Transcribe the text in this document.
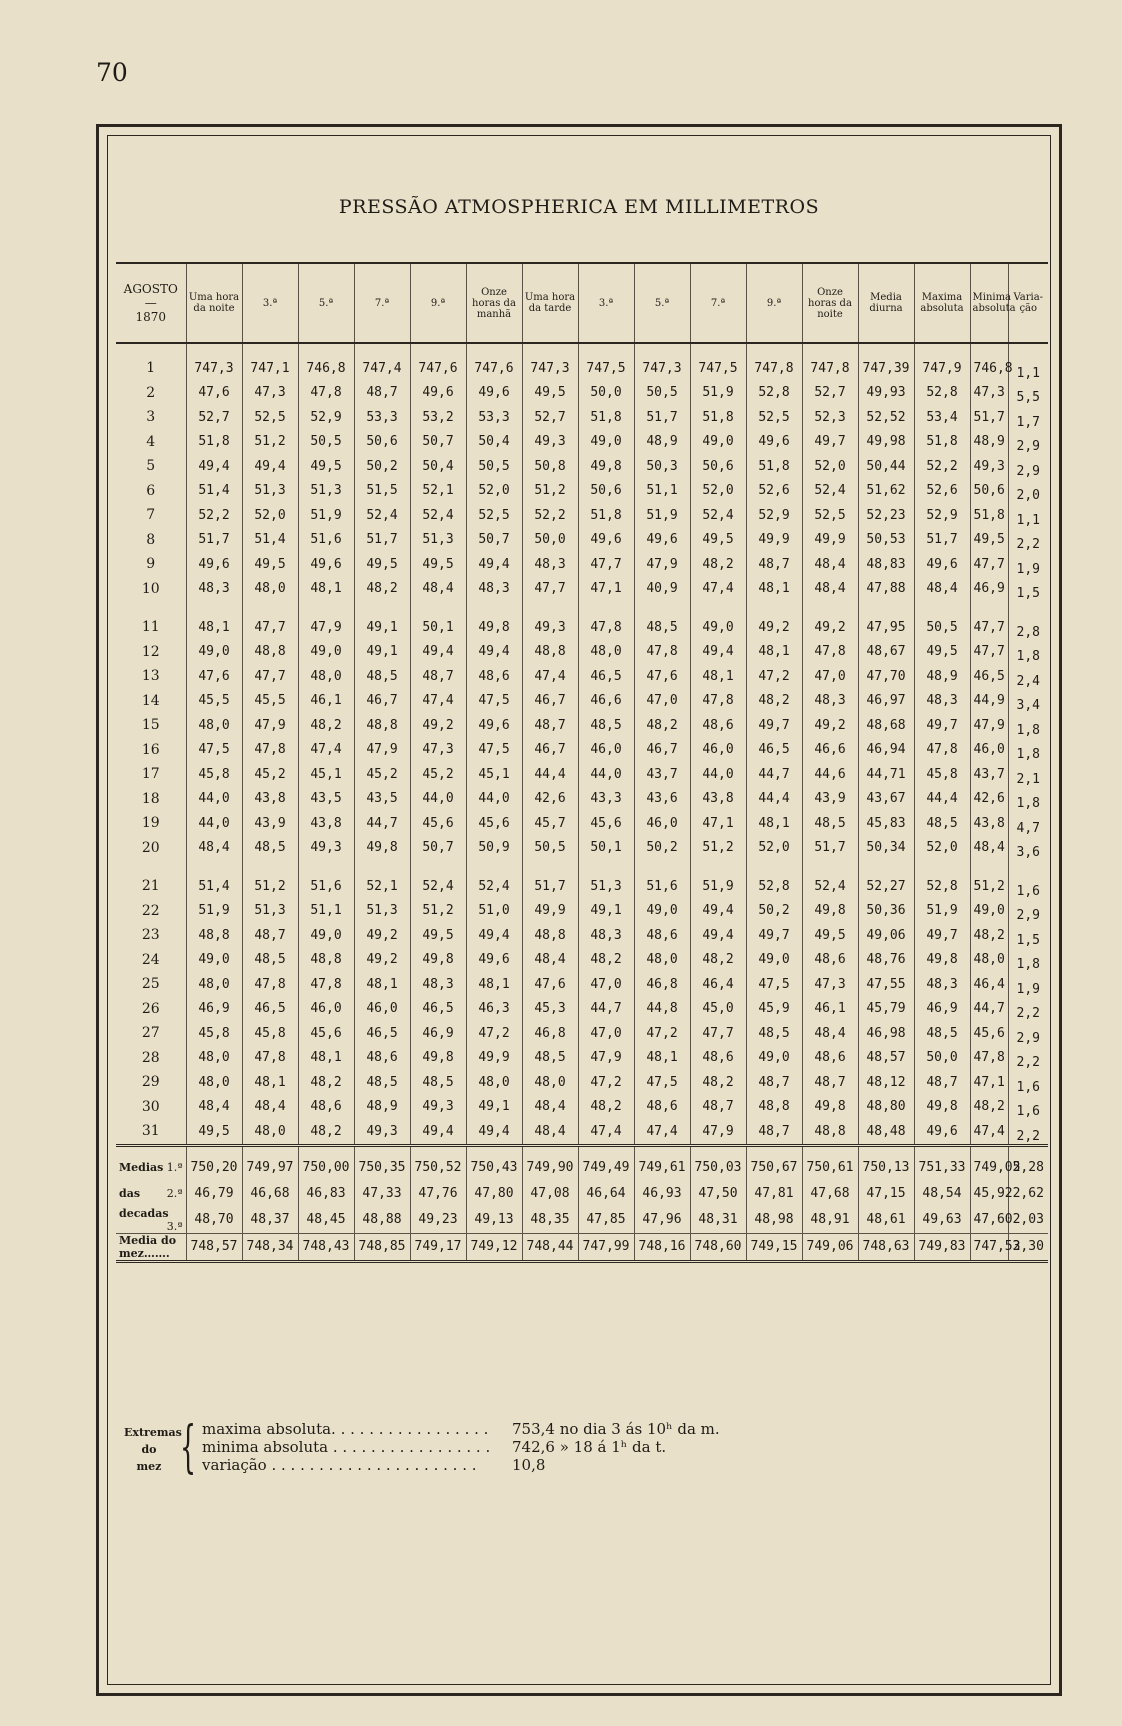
70
PRESSÃO ATMOSPHERICA EM MILLIMETROS
AGOSTO
—
1870	Uma hora da noite	3.ª	5.ª	7.ª	9.ª	Onze horas da manhã	Uma hora da tarde	3.ª	5.ª	7.ª	9.ª	Onze horas da noite	Media diurna	Maxima absoluta	Minima absoluta	Varia-ção
1	747,3	747,1	746,8	747,4	747,6	747,6	747,3	747,5	747,3	747,5	747,8	747,8	747,39	747,9	746,8	1,1
2	47,6	47,3	47,8	48,7	49,6	49,6	49,5	50,0	50,5	51,9	52,8	52,7	49,93	52,8	47,3	5,5
3	52,7	52,5	52,9	53,3	53,2	53,3	52,7	51,8	51,7	51,8	52,5	52,3	52,52	53,4	51,7	1,7
4	51,8	51,2	50,5	50,6	50,7	50,4	49,3	49,0	48,9	49,0	49,6	49,7	49,98	51,8	48,9	2,9
5	49,4	49,4	49,5	50,2	50,4	50,5	50,8	49,8	50,3	50,6	51,8	52,0	50,44	52,2	49,3	2,9
6	51,4	51,3	51,3	51,5	52,1	52,0	51,2	50,6	51,1	52,0	52,6	52,4	51,62	52,6	50,6	2,0
7	52,2	52,0	51,9	52,4	52,4	52,5	52,2	51,8	51,9	52,4	52,9	52,5	52,23	52,9	51,8	1,1
8	51,7	51,4	51,6	51,7	51,3	50,7	50,0	49,6	49,6	49,5	49,9	49,9	50,53	51,7	49,5	2,2
9	49,6	49,5	49,6	49,5	49,5	49,4	48,3	47,7	47,9	48,2	48,7	48,4	48,83	49,6	47,7	1,9
10	48,3	48,0	48,1	48,2	48,4	48,3	47,7	47,1	40,9	47,4	48,1	48,4	47,88	48,4	46,9	1,5

11	48,1	47,7	47,9	49,1	50,1	49,8	49,3	47,8	48,5	49,0	49,2	49,2	47,95	50,5	47,7	2,8
12	49,0	48,8	49,0	49,1	49,4	49,4	48,8	48,0	47,8	49,4	48,1	47,8	48,67	49,5	47,7	1,8
13	47,6	47,7	48,0	48,5	48,7	48,6	47,4	46,5	47,6	48,1	47,2	47,0	47,70	48,9	46,5	2,4
14	45,5	45,5	46,1	46,7	47,4	47,5	46,7	46,6	47,0	47,8	48,2	48,3	46,97	48,3	44,9	3,4
15	48,0	47,9	48,2	48,8	49,2	49,6	48,7	48,5	48,2	48,6	49,7	49,2	48,68	49,7	47,9	1,8
16	47,5	47,8	47,4	47,9	47,3	47,5	46,7	46,0	46,7	46,0	46,5	46,6	46,94	47,8	46,0	1,8
17	45,8	45,2	45,1	45,2	45,2	45,1	44,4	44,0	43,7	44,0	44,7	44,6	44,71	45,8	43,7	2,1
18	44,0	43,8	43,5	43,5	44,0	44,0	42,6	43,3	43,6	43,8	44,4	43,9	43,67	44,4	42,6	1,8
19	44,0	43,9	43,8	44,7	45,6	45,6	45,7	45,6	46,0	47,1	48,1	48,5	45,83	48,5	43,8	4,7
20	48,4	48,5	49,3	49,8	50,7	50,9	50,5	50,1	50,2	51,2	52,0	51,7	50,34	52,0	48,4	3,6

21	51,4	51,2	51,6	52,1	52,4	52,4	51,7	51,3	51,6	51,9	52,8	52,4	52,27	52,8	51,2	1,6
22	51,9	51,3	51,1	51,3	51,2	51,0	49,9	49,1	49,0	49,4	50,2	49,8	50,36	51,9	49,0	2,9
23	48,8	48,7	49,0	49,2	49,5	49,4	48,8	48,3	48,6	49,4	49,7	49,5	49,06	49,7	48,2	1,5
24	49,0	48,5	48,8	49,2	49,8	49,6	48,4	48,2	48,0	48,2	49,0	48,6	48,76	49,8	48,0	1,8
25	48,0	47,8	47,8	48,1	48,3	48,1	47,6	47,0	46,8	46,4	47,5	47,3	47,55	48,3	46,4	1,9
26	46,9	46,5	46,0	46,0	46,5	46,3	45,3	44,7	44,8	45,0	45,9	46,1	45,79	46,9	44,7	2,2
27	45,8	45,8	45,6	46,5	46,9	47,2	46,8	47,0	47,2	47,7	48,5	48,4	46,98	48,5	45,6	2,9
28	48,0	47,8	48,1	48,6	49,8	49,9	48,5	47,9	48,1	48,6	49,0	48,6	48,57	50,0	47,8	2,2
29	48,0	48,1	48,2	48,5	48,5	48,0	48,0	47,2	47,5	48,2	48,7	48,7	48,12	48,7	47,1	1,6
30	48,4	48,4	48,6	48,9	49,3	49,1	48,4	48,2	48,6	48,7	48,8	49,8	48,80	49,8	48,2	1,6
31	49,5	48,0	48,2	49,3	49,4	49,4	48,4	47,4	47,4	47,9	48,7	48,8	48,48	49,6	47,4	2,2
Medias 1.ª	750,20	749,97	750,00	750,35	750,52	750,43	749,90	749,49	749,61	750,03	750,67	750,61	750,13	751,33	749,05	2,28
das 2.ª	46,79	46,68	46,83	47,33	47,76	47,80	47,08	46,64	46,93	47,50	47,81	47,68	47,15	48,54	45,92	2,62
decadas
3.ª	48,70	48,37	48,45	48,88	49,23	49,13	48,35	47,85	47,96	48,31	48,98	48,91	48,61	49,63	47,60	2,03
Media do
mez…….	748,57	748,34	748,43	748,85	749,17	749,12	748,44	747,99	748,16	748,60	749,15	749,06	748,63	749,83	747,53	2,30
Extremas
do
mez { maxima absoluta. . . . . . . . . . . . . . . . . 753,4 no dia 3 ás 10ʰ da m.
minima absoluta . . . . . . . . . . . . . . . . . 742,6 » 18 á 1ʰ da t.
variação . . . . . . . . . . . . . . . . . . . . . . 10,8
